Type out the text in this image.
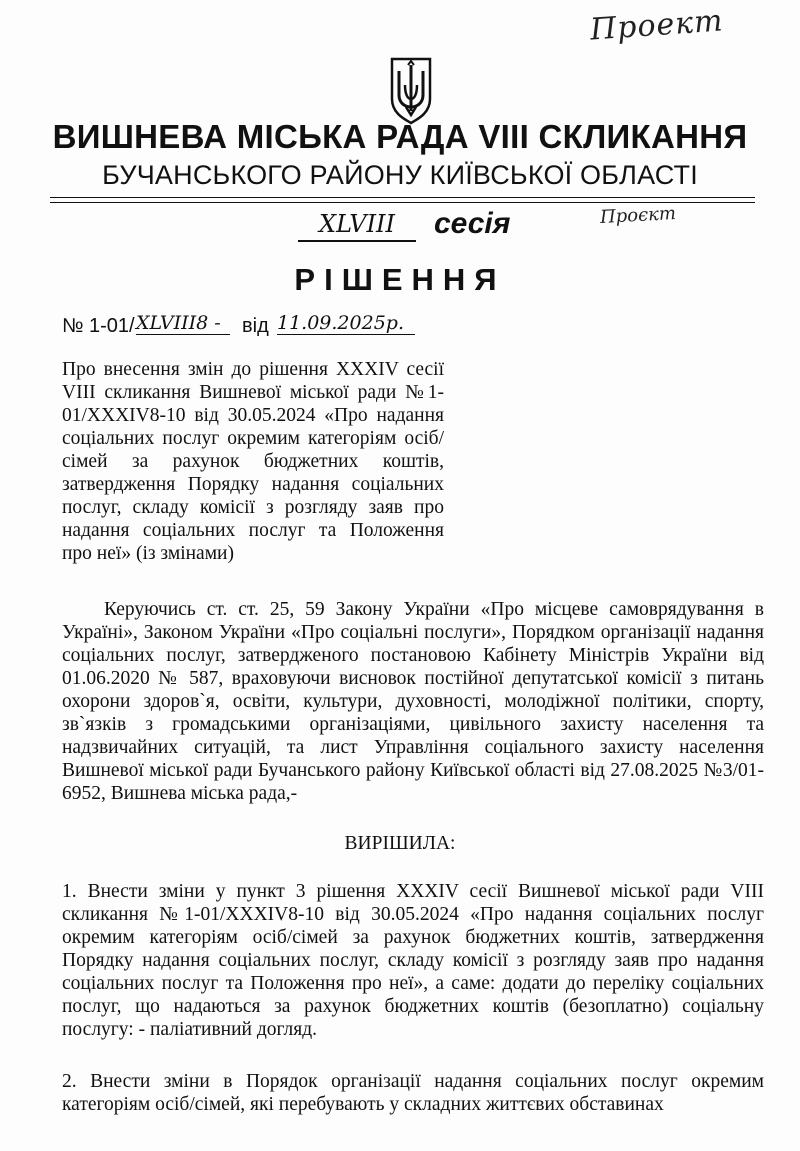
Проект
Проєкт
ВИШНЕВА МІСЬКА РАДА VIII СКЛИКАННЯ
БУЧАНСЬКОГО РАЙОНУ КИЇВСЬКОЇ ОБЛАСТІ
XLVIII	сесія
РІШЕННЯ
№ 1-01/ XLVIII8 -	від 11.09.2025р.

Про внесення змін до рішення XXXIV сесії VIII скликання Вишневої міської ради №1-01/XXXIV8-10 від 30.05.2024 «Про надання соціальних послуг окремим категоріям осіб/сімей за рахунок бюджетних коштів, затвердження Порядку надання соціальних послуг, складу комісії з розгляду заяв про надання соціальних послуг та Положення про неї» (із змінами)

Керуючись ст. ст. 25, 59 Закону України «Про місцеве самоврядування в Україні», Законом України «Про соціальні послуги», Порядком організації надання соціальних послуг, затвердженого постановою Кабінету Міністрів України від 01.06.2020 № 587, враховуючи висновок постійної депутатської комісії з питань охорони здоров`я, освіти, культури, духовності, молодіжної політики, спорту, зв`язків з громадськими організаціями, цивільного захисту населення та надзвичайних ситуацій, та лист Управління соціального захисту населення Вишневої міської ради Бучанського району Київської області від 27.08.2025 №3/01-6952, Вишнева міська рада,-

ВИРІШИЛА:

1. Внести зміни у пункт 3 рішення XXXIV сесії Вишневої міської ради VIII скликання №1-01/XXXIV8-10 від 30.05.2024 «Про надання соціальних послуг окремим категоріям осіб/сімей за рахунок бюджетних коштів, затвердження Порядку надання соціальних послуг, складу комісії з розгляду заяв про надання соціальних послуг та Положення про неї», а саме: додати до переліку соціальних послуг, що надаються за рахунок бюджетних коштів (безоплатно) соціальну послугу: - паліативний догляд.

2. Внести зміни в Порядок організації надання соціальних послуг окремим категоріям осіб/сімей, які перебувають у складних життєвих обставинах
